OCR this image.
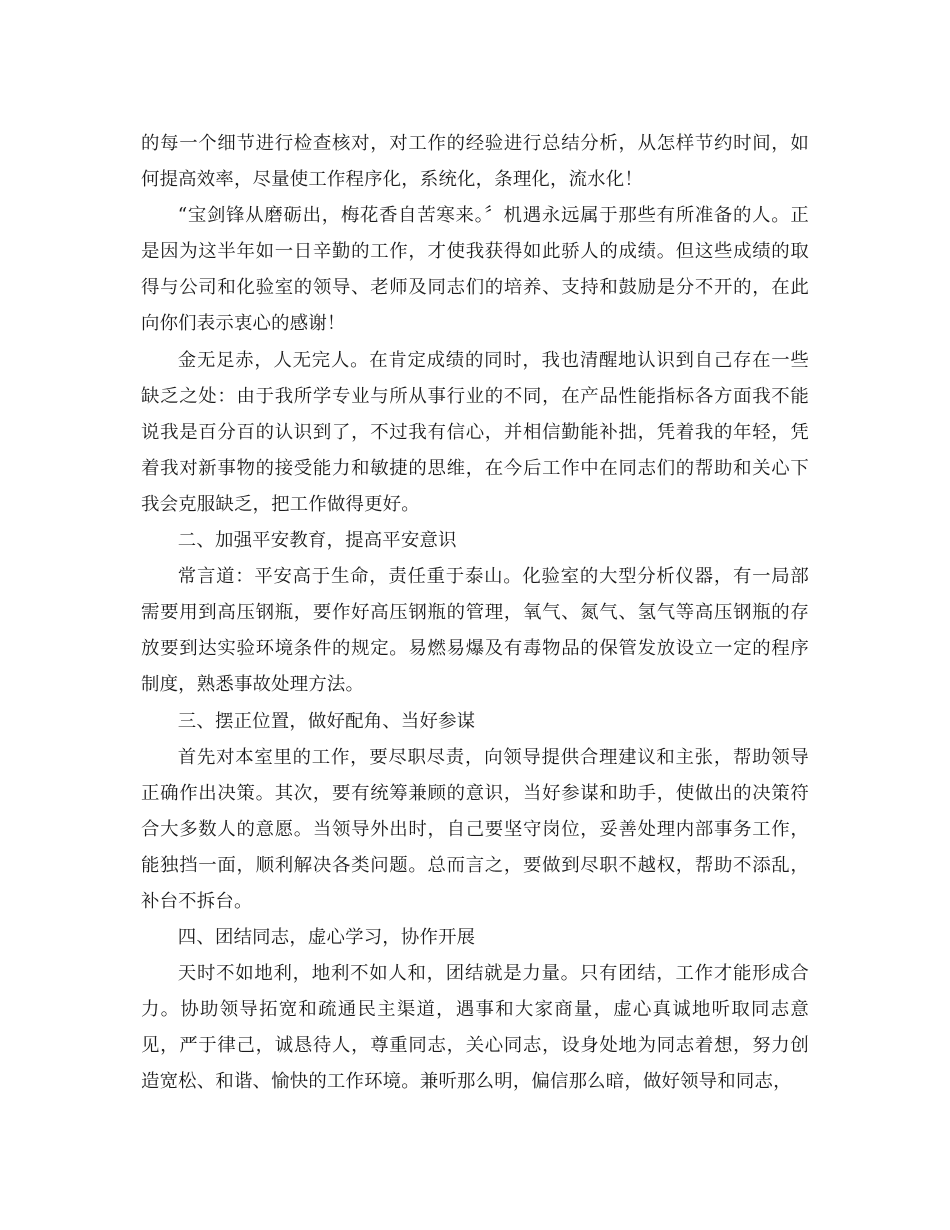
的每一个细节进行检查核对，对工作的经验进行总结分析，从怎样节约时间，如何提高效率，尽量使工作程序化，系统化，条理化，流水化！

“宝剑锋从磨砺出，梅花香自苦寒来。〞机遇永远属于那些有所准备的人。正是因为这半年如一日辛勤的工作，才使我获得如此骄人的成绩。但这些成绩的取得与公司和化验室的领导、老师及同志们的培养、支持和鼓励是分不开的，在此向你们表示衷心的感谢！

金无足赤，人无完人。在肯定成绩的同时，我也清醒地认识到自己存在一些缺乏之处：由于我所学专业与所从事行业的不同，在产品性能指标各方面我不能说我是百分百的认识到了，不过我有信心，并相信勤能补拙，凭着我的年轻，凭着我对新事物的接受能力和敏捷的思维，在今后工作中在同志们的帮助和关心下我会克服缺乏，把工作做得更好。

二、加强平安教育，提高平安意识

常言道：平安高于生命，责任重于泰山。化验室的大型分析仪器，有一局部需要用到高压钢瓶，要作好高压钢瓶的管理，氧气、氮气、氢气等高压钢瓶的存放要到达实验环境条件的规定。易燃易爆及有毒物品的保管发放设立一定的程序制度，熟悉事故处理方法。

三、摆正位置，做好配角、当好参谋

首先对本室里的工作，要尽职尽责，向领导提供合理建议和主张，帮助领导正确作出决策。其次，要有统筹兼顾的意识，当好参谋和助手，使做出的决策符合大多数人的意愿。当领导外出时，自己要坚守岗位，妥善处理内部事务工作，能独挡一面，顺利解决各类问题。总而言之，要做到尽职不越权，帮助不添乱，补台不拆台。

四、团结同志，虚心学习，协作开展

天时不如地利，地利不如人和，团结就是力量。只有团结，工作才能形成合力。协助领导拓宽和疏通民主渠道，遇事和大家商量，虚心真诚地听取同志意见，严于律己，诚恳待人，尊重同志，关心同志，设身处地为同志着想，努力创造宽松、和谐、愉快的工作环境。兼听那么明，偏信那么暗，做好领导和同志，
